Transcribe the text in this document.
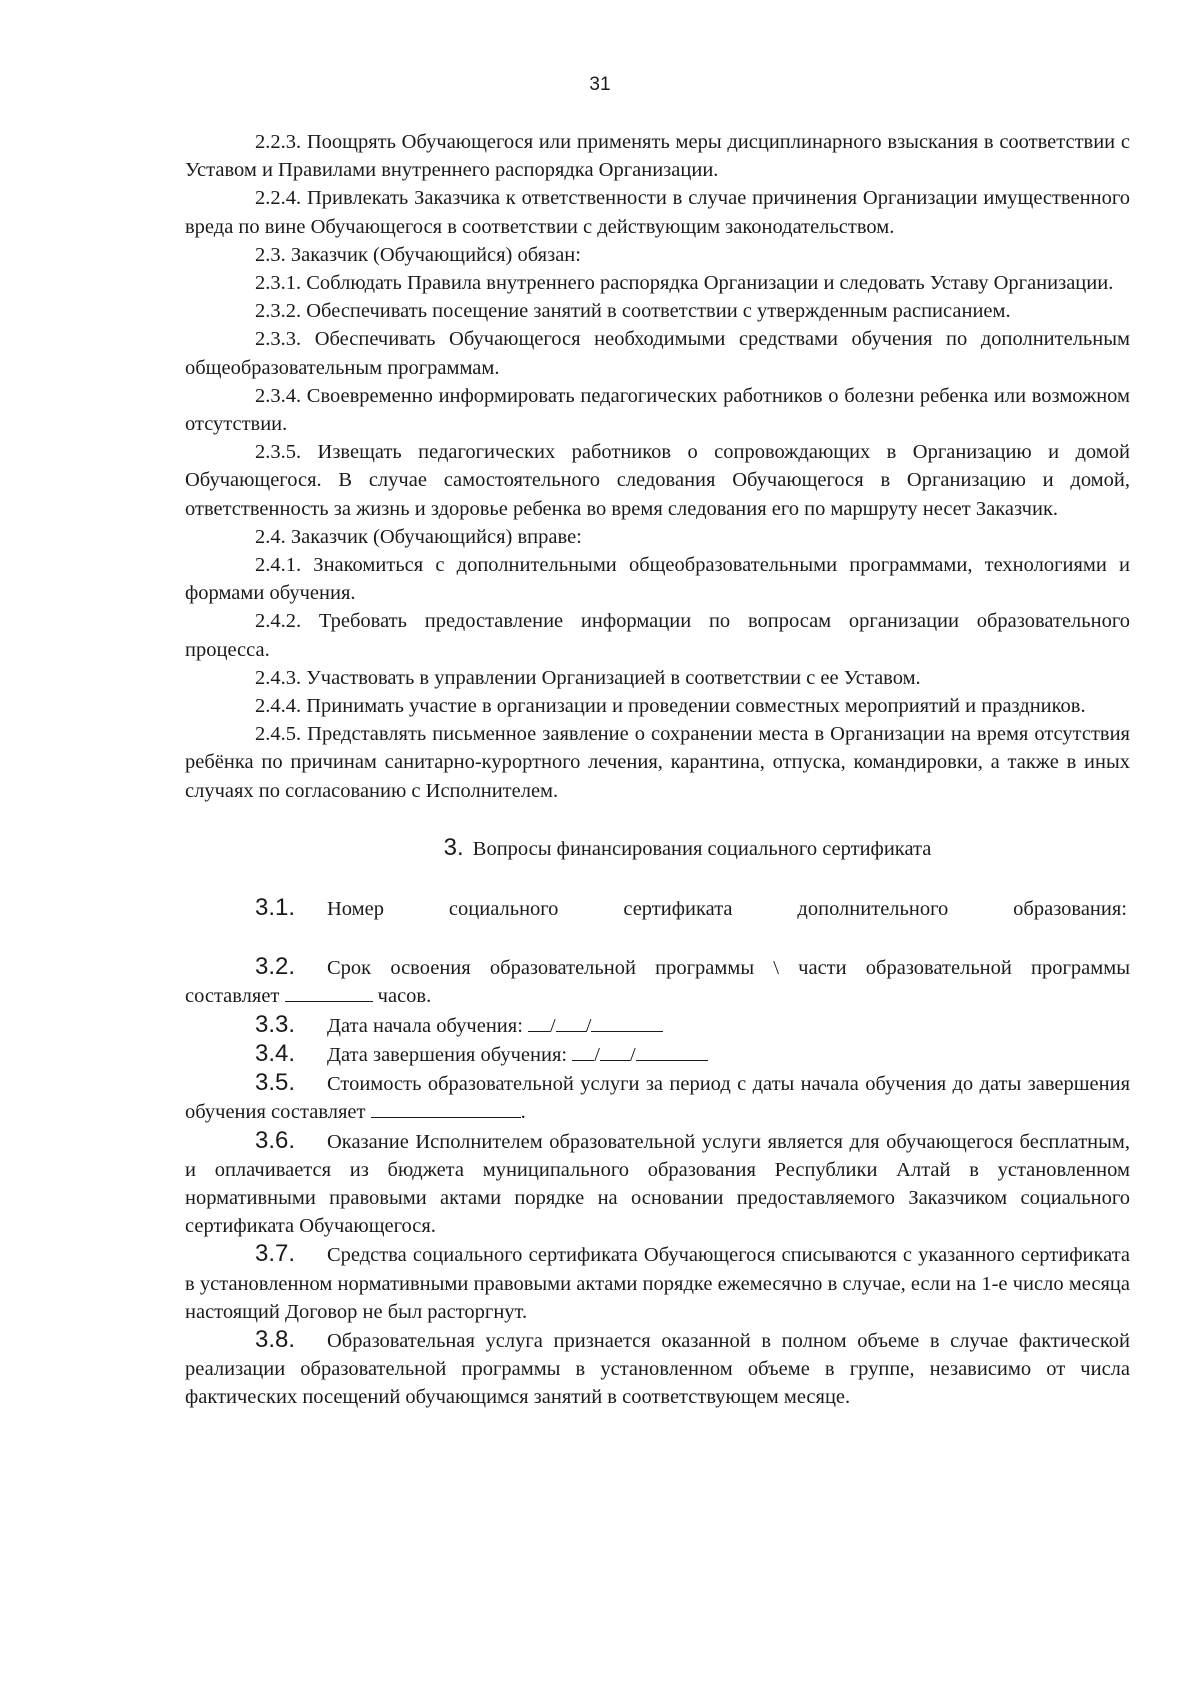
31

2.2.3. Поощрять Обучающегося или применять меры дисциплинарного взыскания в соответствии с Уставом и Правилами внутреннего распорядка Организации.

2.2.4. Привлекать Заказчика к ответственности в случае причинения Организации имущественного вреда по вине Обучающегося в соответствии с действующим законодательством.

2.3. Заказчик (Обучающийся) обязан:

2.3.1. Соблюдать Правила внутреннего распорядка Организации и следовать Уставу Организации.

2.3.2. Обеспечивать посещение занятий в соответствии с утвержденным расписанием.

2.3.3. Обеспечивать Обучающегося необходимыми средствами обучения по дополнительным общеобразовательным программам.

2.3.4. Своевременно информировать педагогических работников о болезни ребенка или возможном отсутствии.

2.3.5. Извещать педагогических работников о сопровождающих в Организацию и домой Обучающегося. В случае самостоятельного следования Обучающегося в Организацию и домой, ответственность за жизнь и здоровье ребенка во время следования его по маршруту несет Заказчик.

2.4. Заказчик (Обучающийся) вправе:

2.4.1. Знакомиться с дополнительными общеобразовательными программами, технологиями и формами обучения.

2.4.2. Требовать предоставление информации по вопросам организации образовательного процесса.

2.4.3. Участвовать в управлении Организацией в соответствии с ее Уставом.

2.4.4. Принимать участие в организации и проведении совместных мероприятий и праздников.

2.4.5. Представлять письменное заявление о сохранении места в Организации на время отсутствия ребёнка по причинам санитарно-курортного лечения, карантина, отпуска, командировки, а также в иных случаях по согласованию с Исполнителем.

3. Вопросы финансирования социального сертификата

3.1. Номер социального сертификата дополнительного образования:

3.2. Срок освоения образовательной программы \ части образовательной программы составляет	часов.

3.3. Дата начала обучения: / /

3.4. Дата завершения обучения: / /

3.5. Стоимость образовательной услуги за период с даты начала обучения до даты завершения обучения составляет	.

3.6. Оказание Исполнителем образовательной услуги является для обучающегося бесплатным, и оплачивается из бюджета муниципального образования Республики Алтай в установленном нормативными правовыми актами порядке на основании предоставляемого Заказчиком социального сертификата Обучающегося.

3.7. Средства социального сертификата Обучающегося списываются с указанного сертификата в установленном нормативными правовыми актами порядке ежемесячно в случае, если на 1-е число месяца настоящий Договор не был расторгнут.

3.8. Образовательная услуга признается оказанной в полном объеме в случае фактической реализации образовательной программы в установленном объеме в группе, независимо от числа фактических посещений обучающимся занятий в соответствующем месяце.
